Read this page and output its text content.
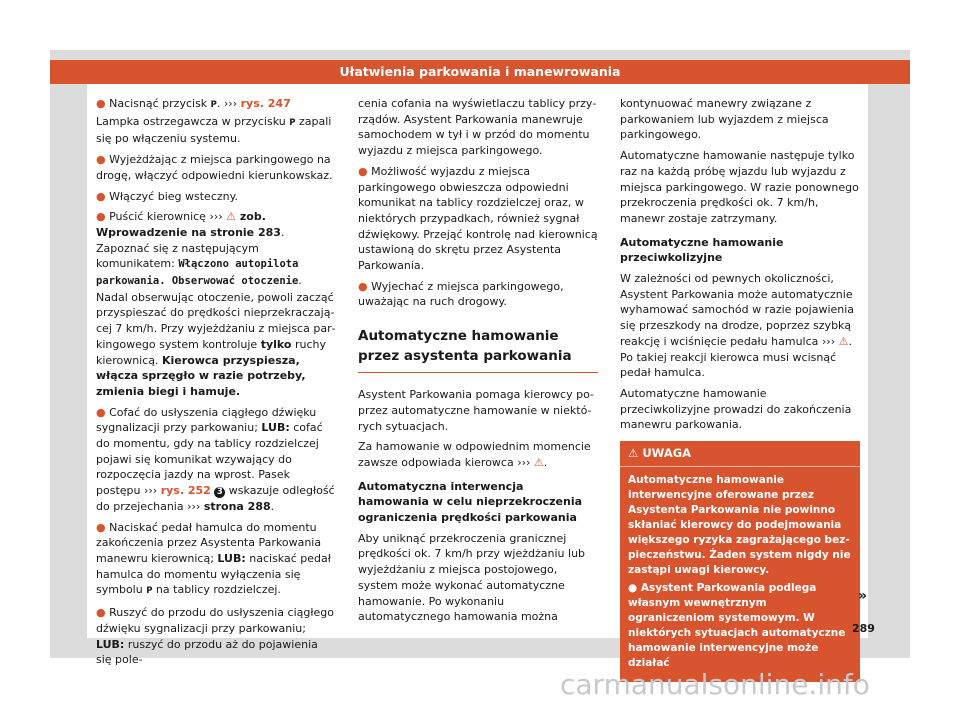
Ułatwienia parkowania i manewrowania

● Nacisnąć przycisk P. ››› rys. 247 Lampka ostrzegawcza w przycisku P zapali się po włączeniu systemu.

● Wyjeżdżając z miejsca parkingowego na drogę, włączyć odpowiedni kierunkowskaz.

● Włączyć bieg wsteczny.

● Puścić kierownicę ››› ⚠ zob. Wprowadzenie na stronie 283. Zapoznać się z następującym komunikatem: Włączono autopilota parkowania. Obserwować otoczenie. Nadal obserwując otoczenie, powoli zacząć przyspieszać do prędkości nieprzekraczającej 7 km/h. Przy wyjeżdżaniu z miejsca parkingowego system kontroluje tylko ruchy kierownicą. Kierowca przyspiesza, włącza sprzęgło w razie potrzeby, zmienia biegi i hamuje.

● Cofać do usłyszenia ciągłego dźwięku sygnalizacji przy parkowaniu; LUB: cofać do momentu, gdy na tablicy rozdzielczej pojawi się komunikat wzywający do rozpoczęcia jazdy na wprost. Pasek postępu ››› rys. 252 3 wskazuje odległość do przejechania ››› strona 288.

● Naciskać pedał hamulca do momentu zakończenia przez Asystenta Parkowania manewru kierownicą; LUB: naciskać pedał hamulca do momentu wyłączenia się symbolu P na tablicy rozdzielczej.

● Ruszyć do przodu do usłyszenia ciągłego dźwięku sygnalizacji przy parkowaniu; LUB: ruszyć do przodu aż do pojawienia się pole-

cenia cofania na wyświetlaczu tablicy przyrządów. Asystent Parkowania manewruje samochodem w tył i w przód do momentu wyjazdu z miejsca parkingowego.

● Możliwość wyjazdu z miejsca parkingowego obwieszcza odpowiedni komunikat na tablicy rozdzielczej oraz, w niektórych przypadkach, również sygnał dźwiękowy. Przejąć kontrolę nad kierownicą ustawioną do skrętu przez Asystenta Parkowania.

● Wyjechać z miejsca parkingowego, uważając na ruch drogowy.

Automatyczne hamowanie przez asystenta parkowania

Asystent Parkowania pomaga kierowcy poprzez automatyczne hamowanie w niektórych sytuacjach.

Za hamowanie w odpowiednim momencie zawsze odpowiada kierowca ››› ⚠.

Automatyczna interwencja hamowania w celu nieprzekroczenia ograniczenia prędkości parkowania

Aby uniknąć przekroczenia granicznej prędkości ok. 7 km/h przy wjeżdżaniu lub wyjeżdżaniu z miejsca postojowego, system może wykonać automatyczne hamowanie. Po wykonaniu automatycznego hamowania można

kontynuować manewry związane z parkowaniem lub wyjazdem z miejsca parkingowego.

Automatyczne hamowanie następuje tylko raz na każdą próbę wjazdu lub wyjazdu z miejsca parkingowego. W razie ponownego przekroczenia prędkości ok. 7 km/h, manewr zostaje zatrzymany.

Automatyczne hamowanie przeciwkolizyjne

W zależności od pewnych okoliczności, Asystent Parkowania może automatycznie wyhamować samochód w razie pojawienia się przeszkody na drodze, poprzez szybką reakcję i wciśnięcie pedału hamulca ››› ⚠. Po takiej reakcji kierowca musi wcisnąć pedał hamulca.

Automatyczne hamowanie przeciwkolizyjne prowadzi do zakończenia manewru parkowania.

⚠ UWAGA

Automatyczne hamowanie interwencyjne oferowane przez Asystenta Parkowania nie powinno skłaniać kierowcy do podejmowania większego ryzyka zagrażającego bezpieczeństwu. Żaden system nigdy nie zastąpi uwagi kierowcy.

● Asystent Parkowania podlega własnym wewnętrznym ograniczeniom systemowym. W niektórych sytuacjach automatyczne hamowanie interwencyjne może działać

»
289
carmanualsonline.info
